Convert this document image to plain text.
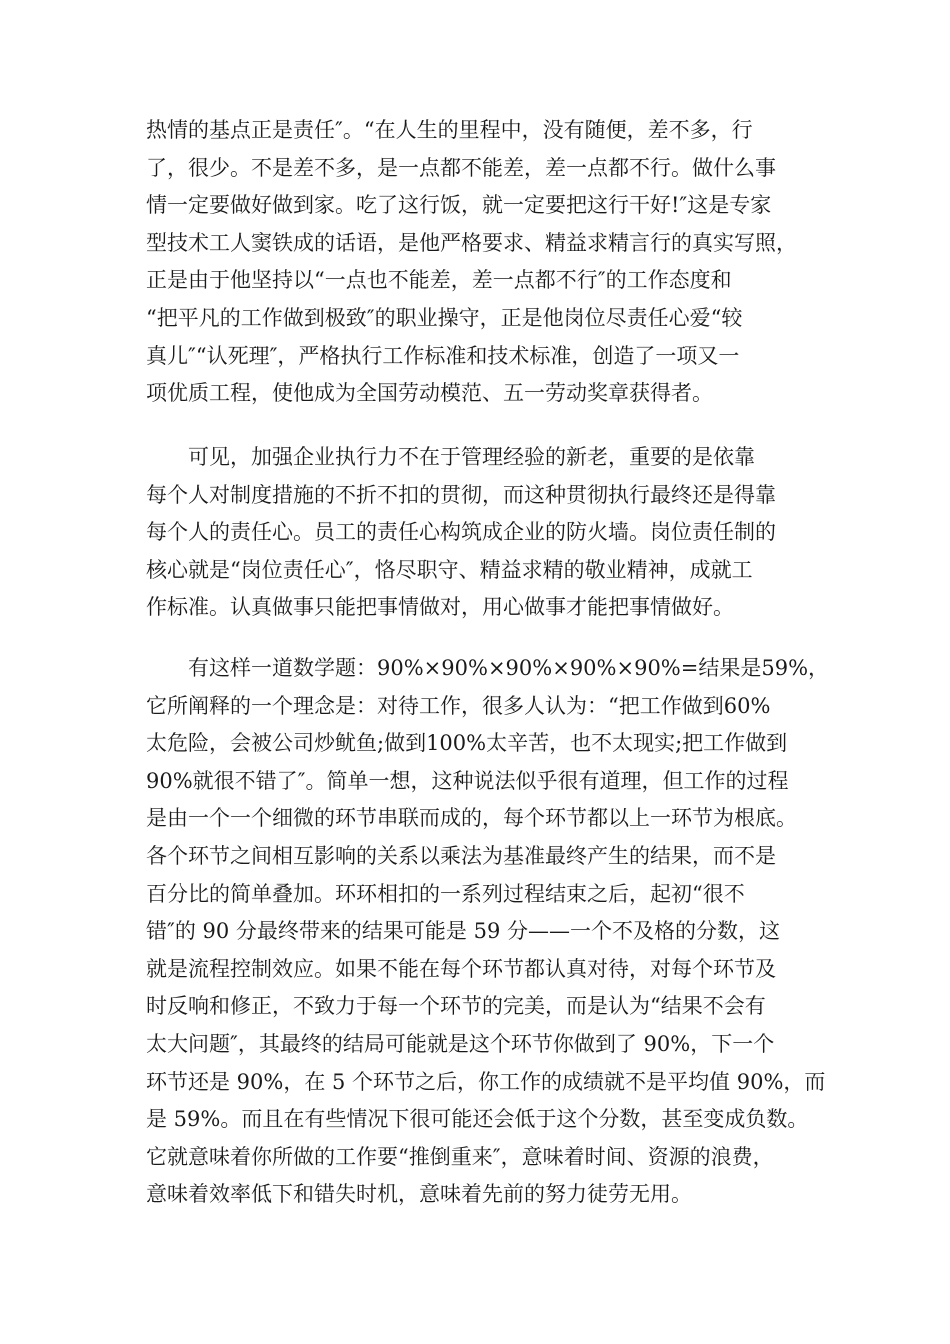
热情的基点正是责任″。“在人生的里程中，没有随便，差不多，行
了，很少。不是差不多，是一点都不能差，差一点都不行。做什么事
情一定要做好做到家。吃了这行饭，就一定要把这行干好!″这是专家
型技术工人窦铁成的话语，是他严格要求、精益求精言行的真实写照，
正是由于他坚持以“一点也不能差，差一点都不行″的工作态度和
“把平凡的工作做到极致″的职业操守，正是他岗位尽责任心爱“较
真儿″“认死理″，严格执行工作标准和技术标准，创造了一项又一
项优质工程，使他成为全国劳动模范、五一劳动奖章获得者。
　　可见，加强企业执行力不在于管理经验的新老，重要的是依靠
每个人对制度措施的不折不扣的贯彻，而这种贯彻执行最终还是得靠
每个人的责任心。员工的责任心构筑成企业的防火墙。岗位责任制的
核心就是“岗位责任心″，恪尽职守、精益求精的敬业精神，成就工
作标准。认真做事只能把事情做对，用心做事才能把事情做好。
　　有这样一道数学题：90%×90%×90%×90%×90%=结果是59%，
它所阐释的一个理念是：对待工作，很多人认为：“把工作做到60%
太危险，会被公司炒鱿鱼;做到100%太辛苦，也不太现实;把工作做到
90%就很不错了″。简单一想，这种说法似乎很有道理，但工作的过程
是由一个一个细微的环节串联而成的，每个环节都以上一环节为根底。
各个环节之间相互影响的关系以乘法为基准最终产生的结果，而不是
百分比的简单叠加。环环相扣的一系列过程结束之后，起初“很不
错″的 90 分最终带来的结果可能是 59 分——一个不及格的分数，这
就是流程控制效应。如果不能在每个环节都认真对待，对每个环节及
时反响和修正，不致力于每一个环节的完美，而是认为“结果不会有
太大问题″，其最终的结局可能就是这个环节你做到了 90%，下一个
环节还是 90%，在 5 个环节之后，你工作的成绩就不是平均值 90%，而
是 59%。而且在有些情况下很可能还会低于这个分数，甚至变成负数。
它就意味着你所做的工作要“推倒重来″，意味着时间、资源的浪费，
意味着效率低下和错失时机，意味着先前的努力徒劳无用。
